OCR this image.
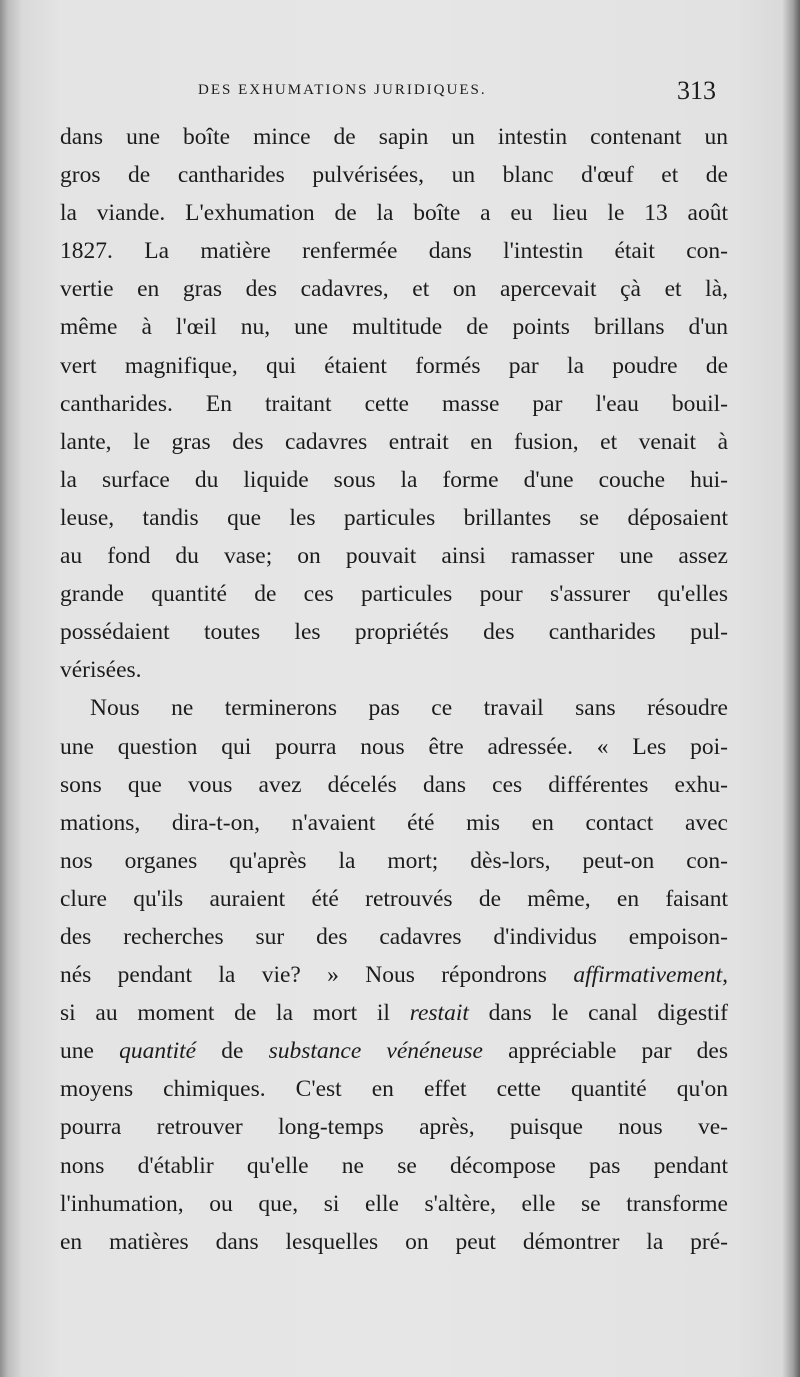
DES EXHUMATIONS JURIDIQUES.	313
dans une boîte mince de sapin un intestin contenant un
gros de cantharides pulvérisées, un blanc d'œuf et de
la viande. L'exhumation de la boîte a eu lieu le 13 août
1827. La matière renfermée dans l'intestin était con-
vertie en gras des cadavres, et on apercevait çà et là,
même à l'œil nu, une multitude de points brillans d'un
vert magnifique, qui étaient formés par la poudre de
cantharides. En traitant cette masse par l'eau bouil-
lante, le gras des cadavres entrait en fusion, et venait à
la surface du liquide sous la forme d'une couche hui-
leuse, tandis que les particules brillantes se déposaient
au fond du vase; on pouvait ainsi ramasser une assez
grande quantité de ces particules pour s'assurer qu'elles
possédaient toutes les propriétés des cantharides pul-
vérisées.
Nous ne terminerons pas ce travail sans résoudre
une question qui pourra nous être adressée. « Les poi-
sons que vous avez décelés dans ces différentes exhu-
mations, dira-t-on, n'avaient été mis en contact avec
nos organes qu'après la mort; dès-lors, peut-on con-
clure qu'ils auraient été retrouvés de même, en faisant
des recherches sur des cadavres d'individus empoison-
nés pendant la vie? » Nous répondrons affirmativement,
si au moment de la mort il restait dans le canal digestif
une quantité de substance vénéneuse appréciable par des
moyens chimiques. C'est en effet cette quantité qu'on
pourra retrouver long-temps après, puisque nous ve-
nons d'établir qu'elle ne se décompose pas pendant
l'inhumation, ou que, si elle s'altère, elle se transforme
en matières dans lesquelles on peut démontrer la pré-
